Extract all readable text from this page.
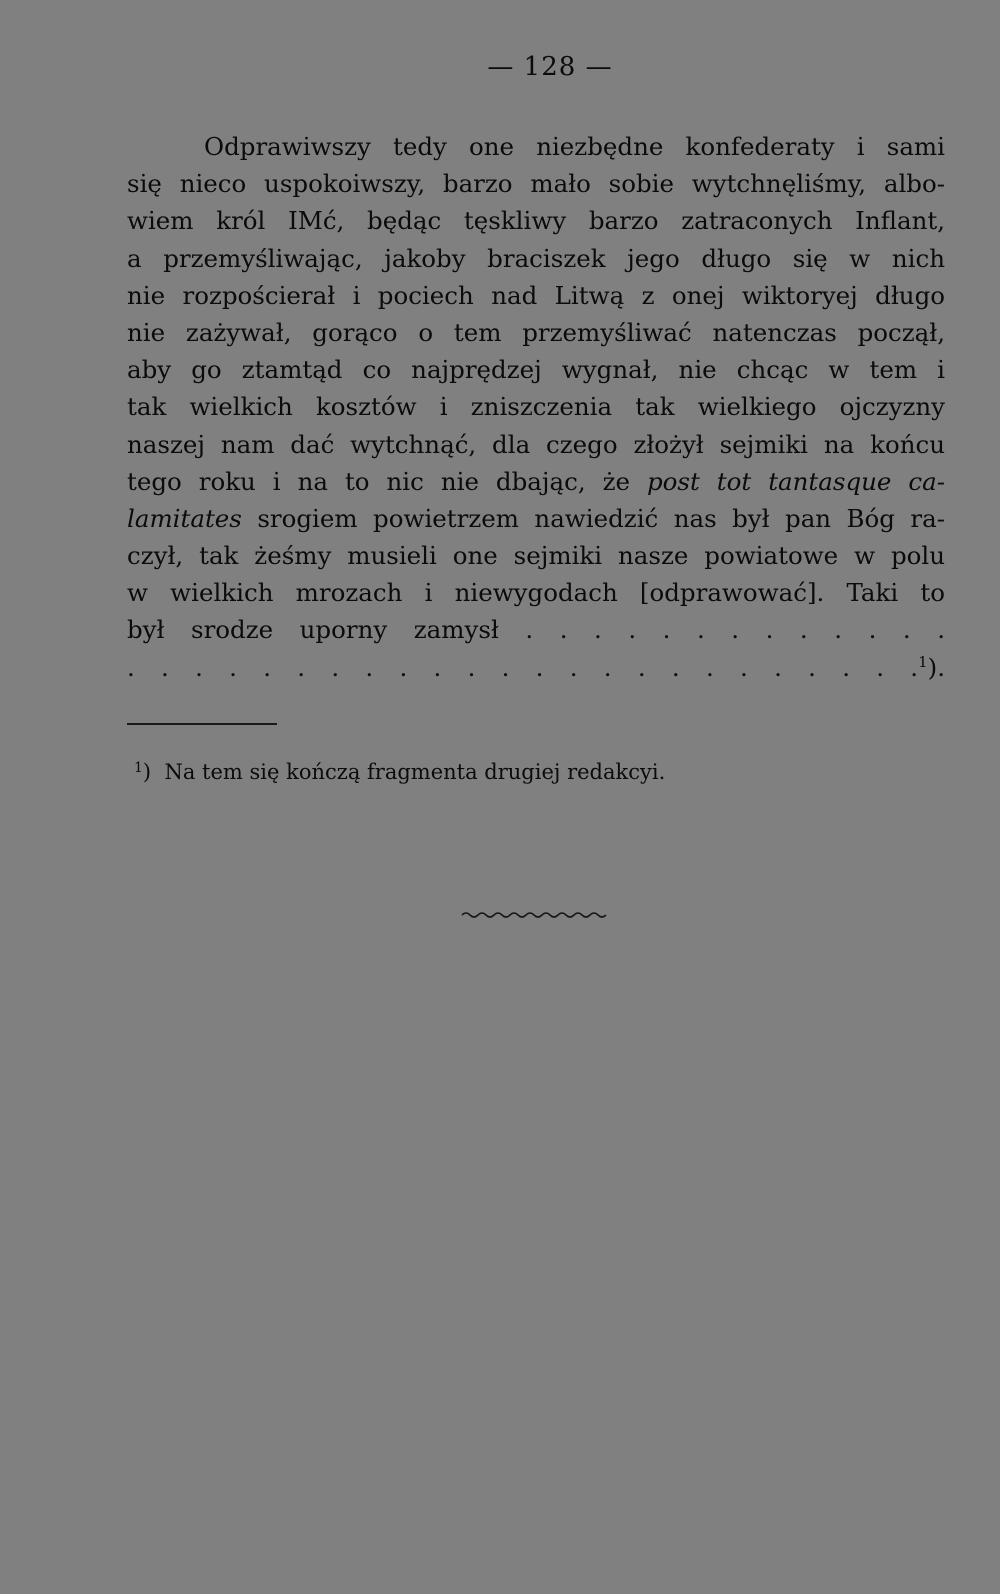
— 128 —
Odprawiwszy tedy one niezbędne konfederaty i sami
się nieco uspokoiwszy, barzo mało sobie wytchnęliśmy, albo-
wiem król IMć, będąc tęskliwy barzo zatraconych Inflant,
a przemyśliwając, jakoby braciszek jego długo się w nich
nie rozpościerał i pociech nad Litwą z onej wiktoryej długo
nie zażywał, gorąco o tem przemyśliwać natenczas począł,
aby go ztamtąd co najprędzej wygnał, nie chcąc w tem i
tak wielkich kosztów i zniszczenia tak wielkiego ojczyzny
naszej nam dać wytchnąć, dla czego złożył sejmiki na końcu
tego roku i na to nic nie dbając, że post tot tantasque ca-
lamitates srogiem powietrzem nawiedzić nas był pan Bóg ra-
czył, tak żeśmy musieli one sejmiki nasze powiatowe w polu
w wielkich mrozach i niewygodach [odprawować]. Taki to
był srodze uporny zamysł . . . . . . . . . . . . .
. . . . . . . . . . . . . . . . . . . . . . . .$^1$).
$^1$) Na tem się kończą fragmenta drugiej redakcyi.
